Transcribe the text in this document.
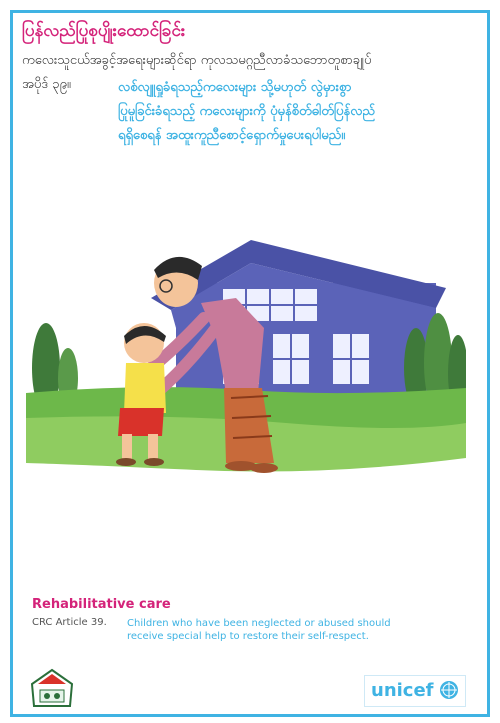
ပြန်လည်ပြုစုပျိုးထောင်ခြင်း
ကလေးသူငယ်အခွင့်အရေးများဆိုင်ရာ ကုလသမဂ္ဂညီလာခံသဘောတူစာချုပ်
အပိုဒ် ၃၉။	လစ်လျူရှုခံရသည့်ကလေးများ သို့မဟုတ် လွဲမှားစွာ
ပြုမူခြင်းခံရသည့် ကလေးများကို ပုံမှန်စိတ်ဓါတ်ပြန်လည်
ရရှိစေရန် အထူးကူညီစောင့်ရှောက်မှုပေးရပါမည်။
Rehabilitative care
CRC Article 39. Children who have been neglected or abused should
receive special help to restore their self-respect.
unicef
